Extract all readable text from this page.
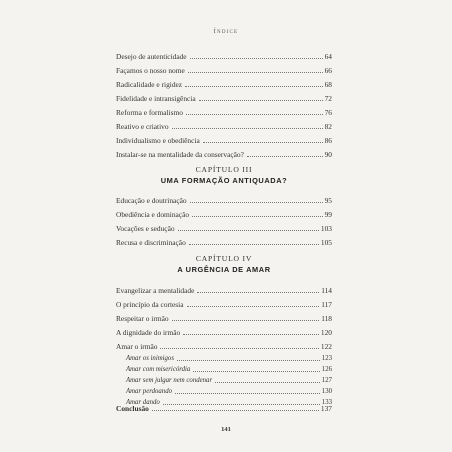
Índice
Desejo de autenticidade	64
Façamos o nosso nome	66
Radicalidade e rigidez	68
Fidelidade e intransigência	72
Reforma e formalismo	76
Reativo e criativo	82
Individualismo e obediência	86
Instalar-se na mentalidade da conservação?	90
CAPÍTULO III
UMA FORMAÇÃO ANTIQUADA?
Educação e doutrinação	95
Obediência e dominação	99
Vocações e sedução	103
Recusa e discriminação	105
CAPÍTULO IV
A URGÊNCIA DE AMAR
Evangelizar a mentalidade	114
O princípio da cortesia	117
Respeitar o irmão	118
A dignidade do irmão	120
Amar o irmão	122
Amar os inimigos	123
Amar com misericórdia	126
Amar sem julgar nem condenar	127
Amar perdoando	130
Amar dando	133
Conclusão	137
141
